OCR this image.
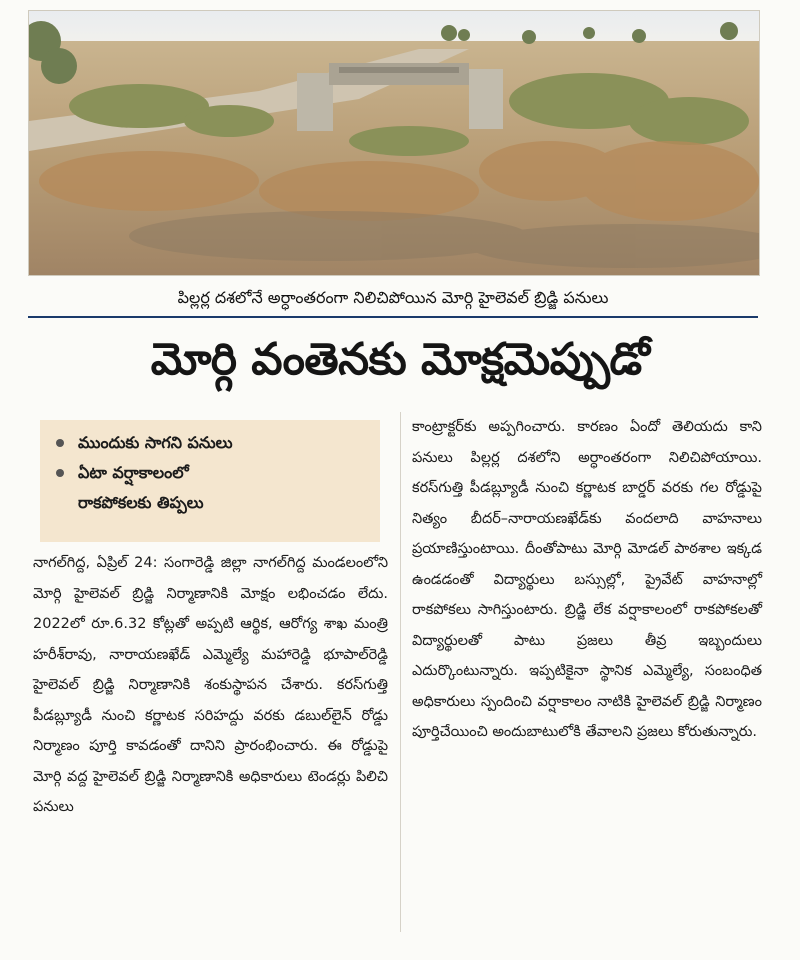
పిల్లర్ల దశలోనే అర్ధాంతరంగా నిలిచిపోయిన మోర్గి హైలెవల్ బ్రిడ్జి పనులు
మోర్గి వంతెనకు మోక్షమెప్పుడో
ముందుకు సాగని పనులు
ఏటా వర్షాకాలంలో
రాకపోకలకు తిప్పలు

నాగల్‌గిద్ద, ఏప్రిల్‌ 24: సంగారెడ్డి జిల్లా నాగల్‌గిద్ద మండలంలోని మోర్గి హైలెవల్‌ బ్రిడ్జి నిర్మాణానికి మోక్షం లభించడం లేదు. 2022లో రూ.6.32 కోట్లతో అప్పటి ఆర్థిక, ఆరోగ్య శాఖ మంత్రి హరీశ్‌రావు, నారాయణఖేడ్‌ ఎమ్మెల్యే మహారెడ్డి భూపాల్‌రెడ్డి హైలెవల్‌ బ్రిడ్జి నిర్మాణానికి శంకుస్థాపన చేశారు. కరస్‌గుత్తి పీడబ్ల్యూడీ నుంచి కర్ణాటక సరిహద్దు వరకు డబుల్‌లైన్‌ రోడ్డు నిర్మాణం పూర్తి కావడంతో దానిని ప్రారంభించారు. ఈ రోడ్డుపై మోర్గి వద్ద హైలెవల్‌ బ్రిడ్జి నిర్మాణానికి అధికారులు టెండర్లు పిలిచి పనులు

కాంట్రాక్టర్‌కు అప్పగించారు. కారణం ఏందో తెలియదు కాని పనులు పిల్లర్ల దశలోని అర్ధాంతరంగా నిలిచిపోయాయి. కరస్‌గుత్తి పీడబ్ల్యూడీ నుంచి కర్ణాటక బార్డర్‌ వరకు గల రోడ్డుపై నిత్యం బీదర్‌–నారాయణఖేడ్‌కు వందలాది వాహనాలు ప్రయాణిస్తుంటాయి. దీంతోపాటు మోర్గి మోడల్‌ పాఠశాల ఇక్కడ ఉండడంతో విద్యార్థులు బస్సుల్లో, ప్రైవేట్‌ వాహనాల్లో రాకపోకలు సాగిస్తుంటారు. బ్రిడ్జి లేక వర్షాకాలంలో రాకపోకలతో విద్యార్థులతో పాటు ప్రజలు తీవ్ర ఇబ్బందులు ఎదుర్కొంటున్నారు. ఇప్పటికైనా స్థానిక ఎమ్మెల్యే, సంబంధిత అధికారులు స్పందించి వర్షాకాలం నాటికి హైలెవల్‌ బ్రిడ్జి నిర్మాణం పూర్తిచేయించి అందుబాటులోకి తేవాలని ప్రజలు కోరుతున్నారు.
